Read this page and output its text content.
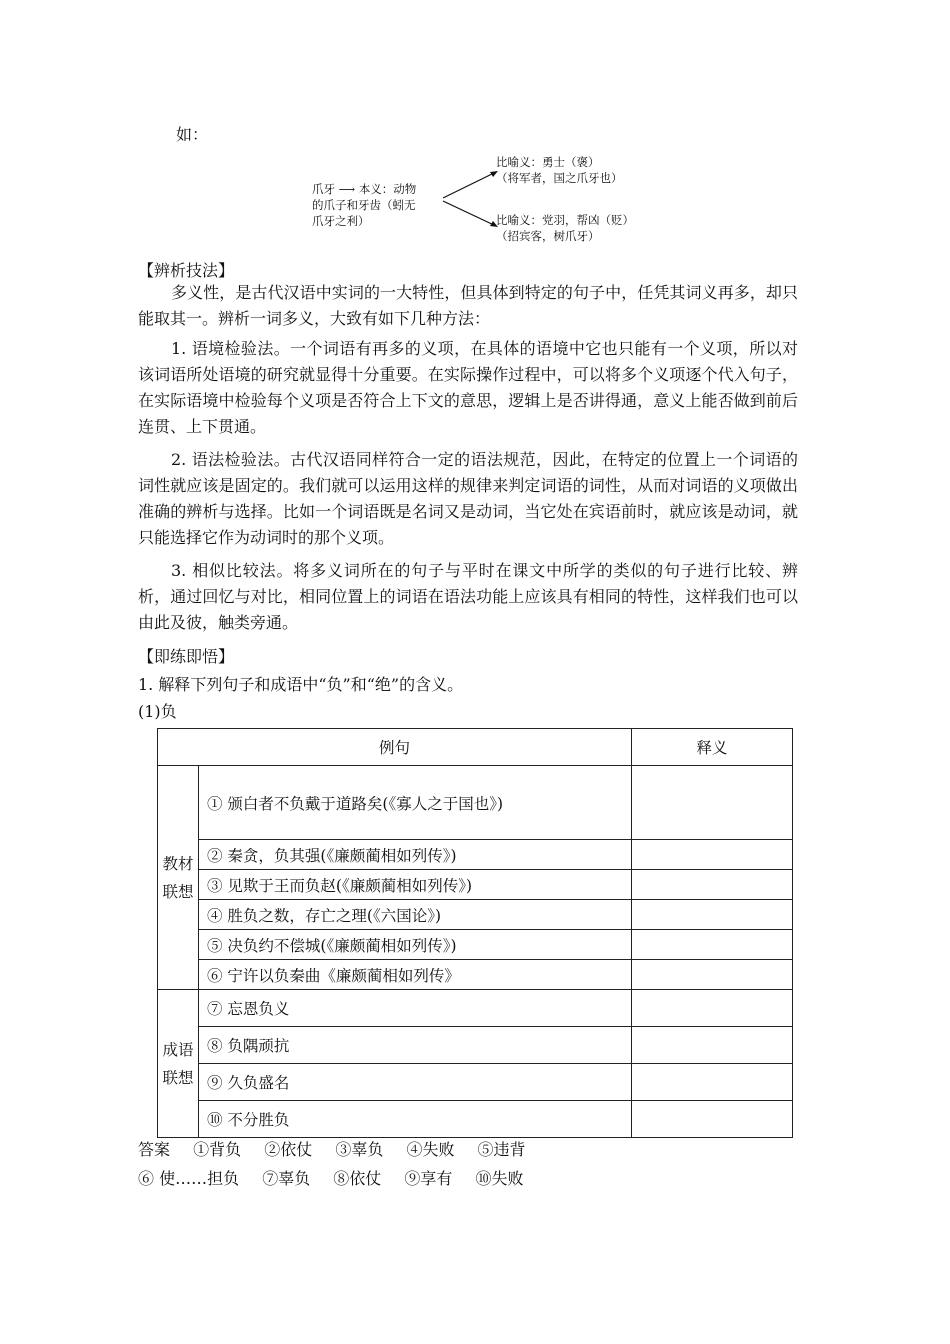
如：
爪牙 ⟶ 本义：动物
的爪子和牙齿（蚓无
爪牙之利）
比喻义：勇士（褒）
（将军者，国之爪牙也）
比喻义：党羽，帮凶（贬）
（招宾客，树爪牙）
【辨析技法】
多义性，是古代汉语中实词的一大特性，但具体到特定的句子中，任凭其词义再多，却只能取其一。辨析一词多义，大致有如下几种方法：
1. 语境检验法。一个词语有再多的义项，在具体的语境中它也只能有一个义项，所以对该词语所处语境的研究就显得十分重要。在实际操作过程中，可以将多个义项逐个代入句子，在实际语境中检验每个义项是否符合上下文的意思，逻辑上是否讲得通，意义上能否做到前后连贯、上下贯通。
2. 语法检验法。古代汉语同样符合一定的语法规范，因此，在特定的位置上一个词语的词性就应该是固定的。我们就可以运用这样的规律来判定词语的词性，从而对词语的义项做出准确的辨析与选择。比如一个词语既是名词又是动词，当它处在宾语前时，就应该是动词，就只能选择它作为动词时的那个义项。
3. 相似比较法。将多义词所在的句子与平时在课文中所学的类似的句子进行比较、辨析，通过回忆与对比，相同位置上的词语在语法功能上应该具有相同的特性，这样我们也可以由此及彼，触类旁通。
【即练即悟】
1. 解释下列句子和成语中“负”和“绝”的含义。
(1)负
例句		释义

教材联想	① 颁白者不负戴于道路矣(《寡人之于国也》)	
	② 秦贪，负其强(《廉颇蔺相如列传》)	
	③ 见欺于王而负赵(《廉颇蔺相如列传》)	
	④ 胜负之数，存亡之理(《六国论》)	
	⑤ 决负约不偿城(《廉颇蔺相如列传》)	
	⑥ 宁许以负秦曲《廉颇蔺相如列传》	

成语联想	⑦ 忘恩负义	
	⑧ 负隅顽抗	
	⑨ 久负盛名	
	⑩ 不分胜负	
答案 ①背负 ②依仗 ③辜负 ④失败 ⑤违背
⑥ 使……担负 ⑦辜负 ⑧依仗 ⑨享有 ⑩失败
